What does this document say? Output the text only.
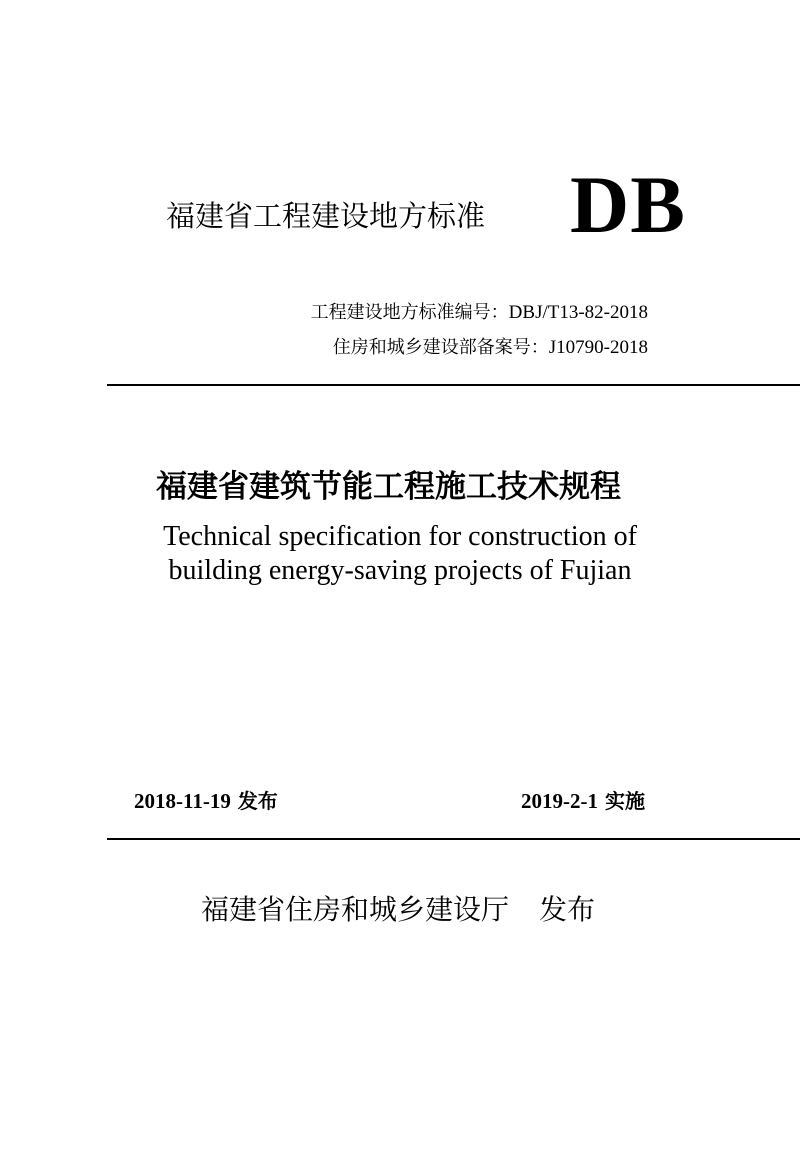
福建省工程建设地方标准 DB
工程建设地方标准编号：DBJ/T13-82-2018
住房和城乡建设部备案号：J10790-2018
福建省建筑节能工程施工技术规程
Technical specification for construction of
building energy-saving projects of Fujian
2018-11-19 发布	2019-2-1 实施
福建省住房和城乡建设厅 发布
